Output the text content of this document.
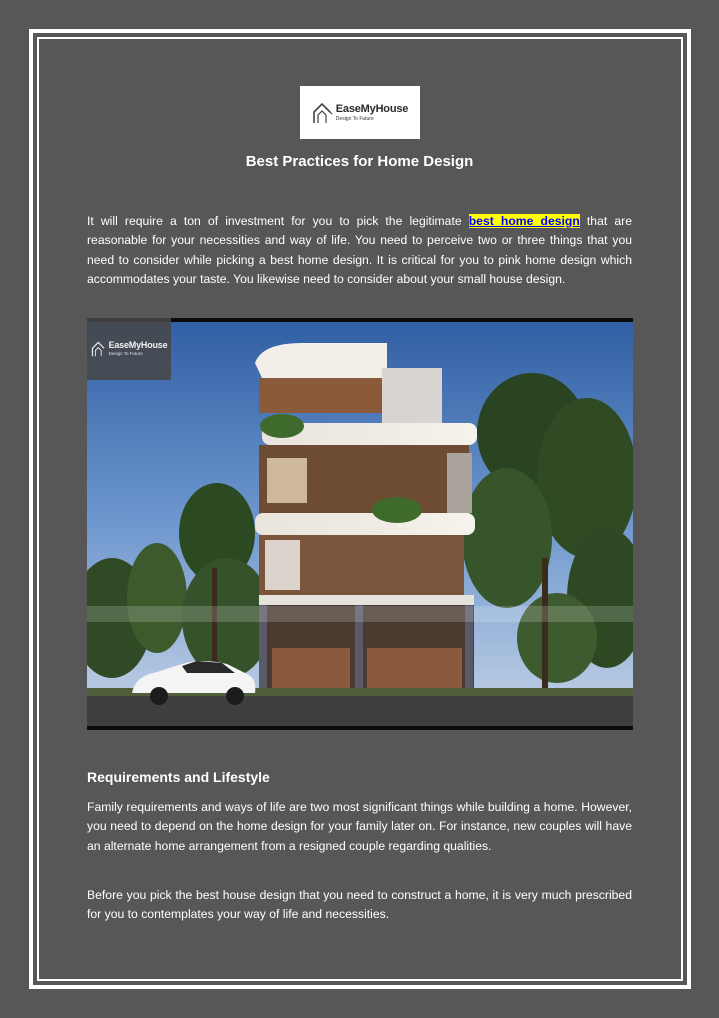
EaseMyHouse
Design To Future
Best Practices for Home Design

It will require a ton of investment for you to pick the legitimate best home design that are reasonable for your necessities and way of life. You need to perceive two or three things that you need to consider while picking a best home design. It is critical for you to pink home design which accommodates your taste. You likewise need to consider about your small house design.

EaseMyHouse
Design To Future
Requirements and Lifestyle

Family requirements and ways of life are two most significant things while building a home. However, you need to depend on the home design for your family later on. For instance, new couples will have an alternate home arrangement from a resigned couple regarding qualities.

Before you pick the best house design that you need to construct a home, it is very much prescribed for you to contemplates your way of life and necessities.
